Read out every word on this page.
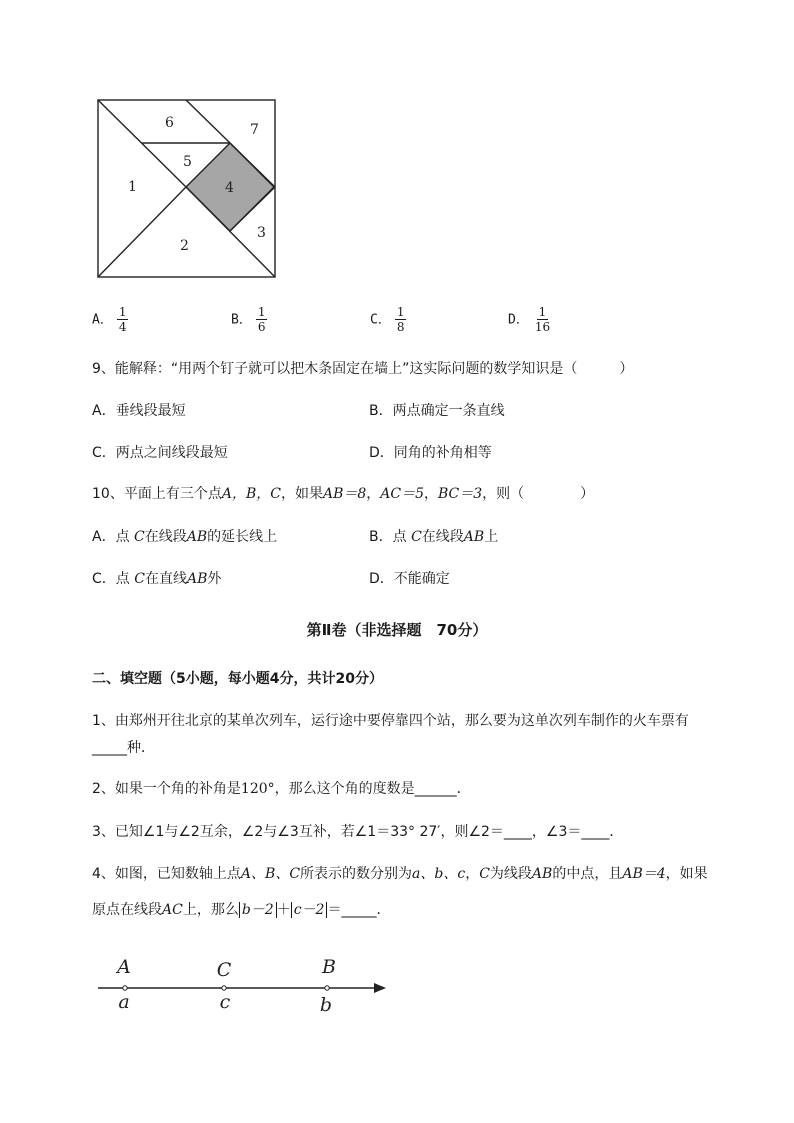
6	7
5
1	4
3
2
A． $\frac{1}{4}$	B． $\frac{1}{6}$	C． $\frac{1}{8}$	D． $\frac{1}{16}$
9、能解释：“用两个钉子就可以把木条固定在墙上”这实际问题的数学知识是（　　　）
A．垂线段最短	B．两点确定一条直线
C．两点之间线段最短	D．同角的补角相等
10、平面上有三个点A，B，C，如果AB＝8，AC＝5，BC＝3，则（　　　　）
A．点 C在线段AB的延长线上	B．点 C在线段AB上
C．点 C在直线AB外	D．不能确定
第Ⅱ卷（非选择题　70分）
二、填空题（5小题，每小题4分，共计20分）
1、由郑州开往北京的某单次列车，运行途中要停靠四个站，那么要为这单次列车制作的火车票有
_____种．
2、如果一个角的补角是120°，那么这个角的度数是______．
3、已知∠1与∠2互余，∠2与∠3互补，若∠1＝33° 27′，则∠2＝____，∠3＝____．
4、如图，已知数轴上点A、B、C所表示的数分别为a、b、c，C为线段AB的中点，且AB＝4，如果
原点在线段AC上，那么 b－2 ＋ c－2 ＝_____．
A	C	B
a	c	b
